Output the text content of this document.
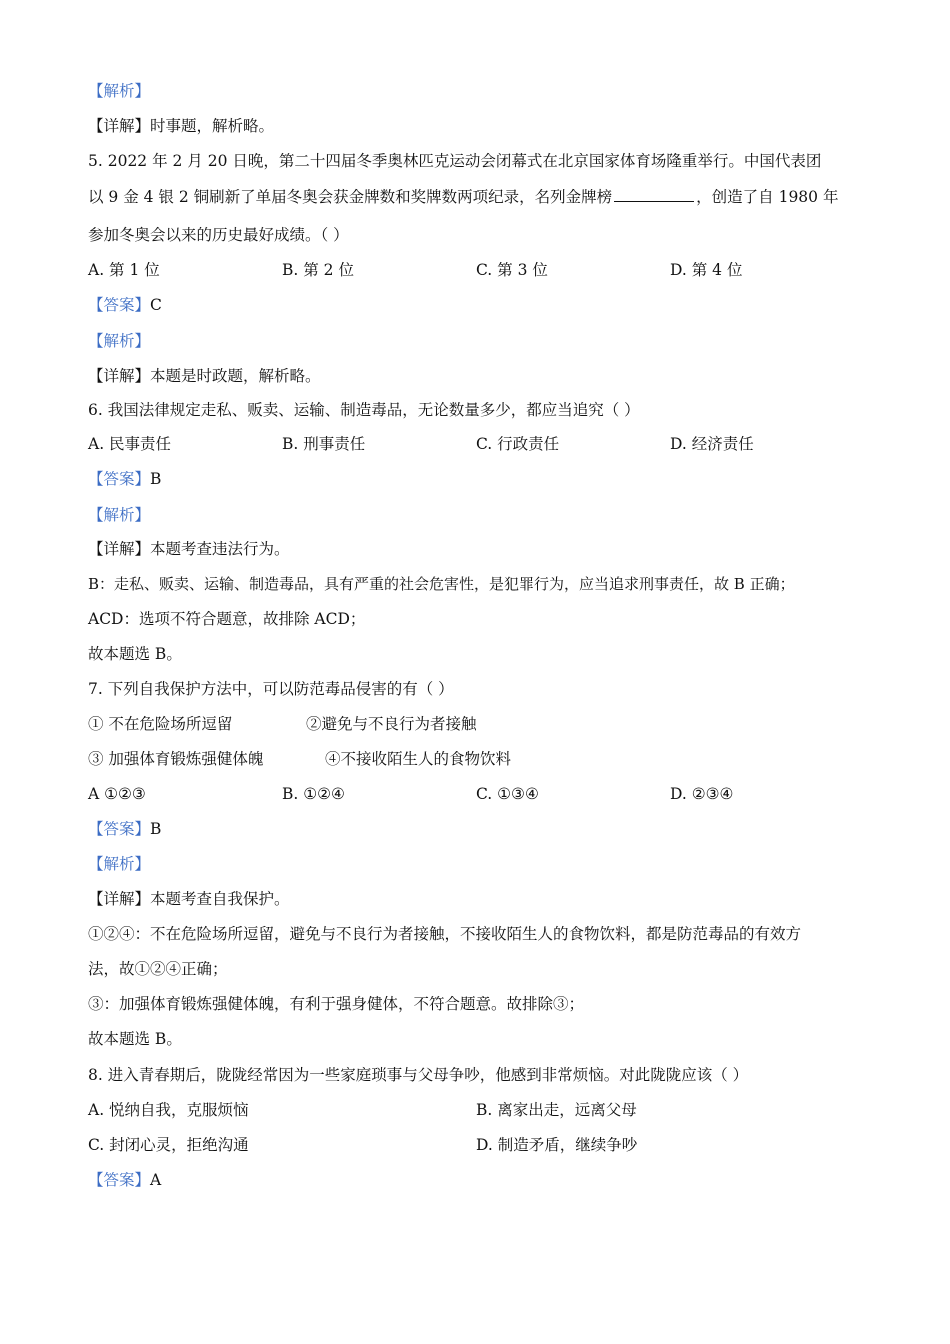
【解析】
【详解】时事题，解析略。
5. 2022 年 2 月 20 日晚，第二十四届冬季奥林匹克运动会闭幕式在北京国家体育场隆重举行。中国代表团
以 9 金 4 银 2 铜刷新了单届冬奥会获金牌数和奖牌数两项纪录，名列金牌榜	，创造了自 1980 年
参加冬奥会以来的历史最好成绩。（ ）
A. 第 1 位	B. 第 2 位	C. 第 3 位	D. 第 4 位
【答案】C
【解析】
【详解】本题是时政题，解析略。
6. 我国法律规定走私、贩卖、运输、制造毒品，无论数量多少，都应当追究（ ）
A. 民事责任	B. 刑事责任	C. 行政责任	D. 经济责任
【答案】B
【解析】
【详解】本题考查违法行为。
B：走私、贩卖、运输、制造毒品，具有严重的社会危害性，是犯罪行为，应当追求刑事责任，故 B 正确；
ACD：选项不符合题意，故排除 ACD；
故本题选 B。
7. 下列自我保护方法中，可以防范毒品侵害的有（ ）
① 不在危险场所逗留	②避免与不良行为者接触
③ 加强体育锻炼强健体魄	④不接收陌生人的食物饮料
A ①②③	B. ①②④	C. ①③④	D. ②③④
【答案】B
【解析】
【详解】本题考查自我保护。
①②④：不在危险场所逗留，避免与不良行为者接触，不接收陌生人的食物饮料，都是防范毒品的有效方
法，故①②④正确；
③：加强体育锻炼强健体魄，有利于强身健体，不符合题意。故排除③；
故本题选 B。
8. 进入青春期后，陇陇经常因为一些家庭琐事与父母争吵，他感到非常烦恼。对此陇陇应该（ ）
A. 悦纳自我，克服烦恼	B. 离家出走，远离父母
C. 封闭心灵，拒绝沟通	D. 制造矛盾，继续争吵
【答案】A
